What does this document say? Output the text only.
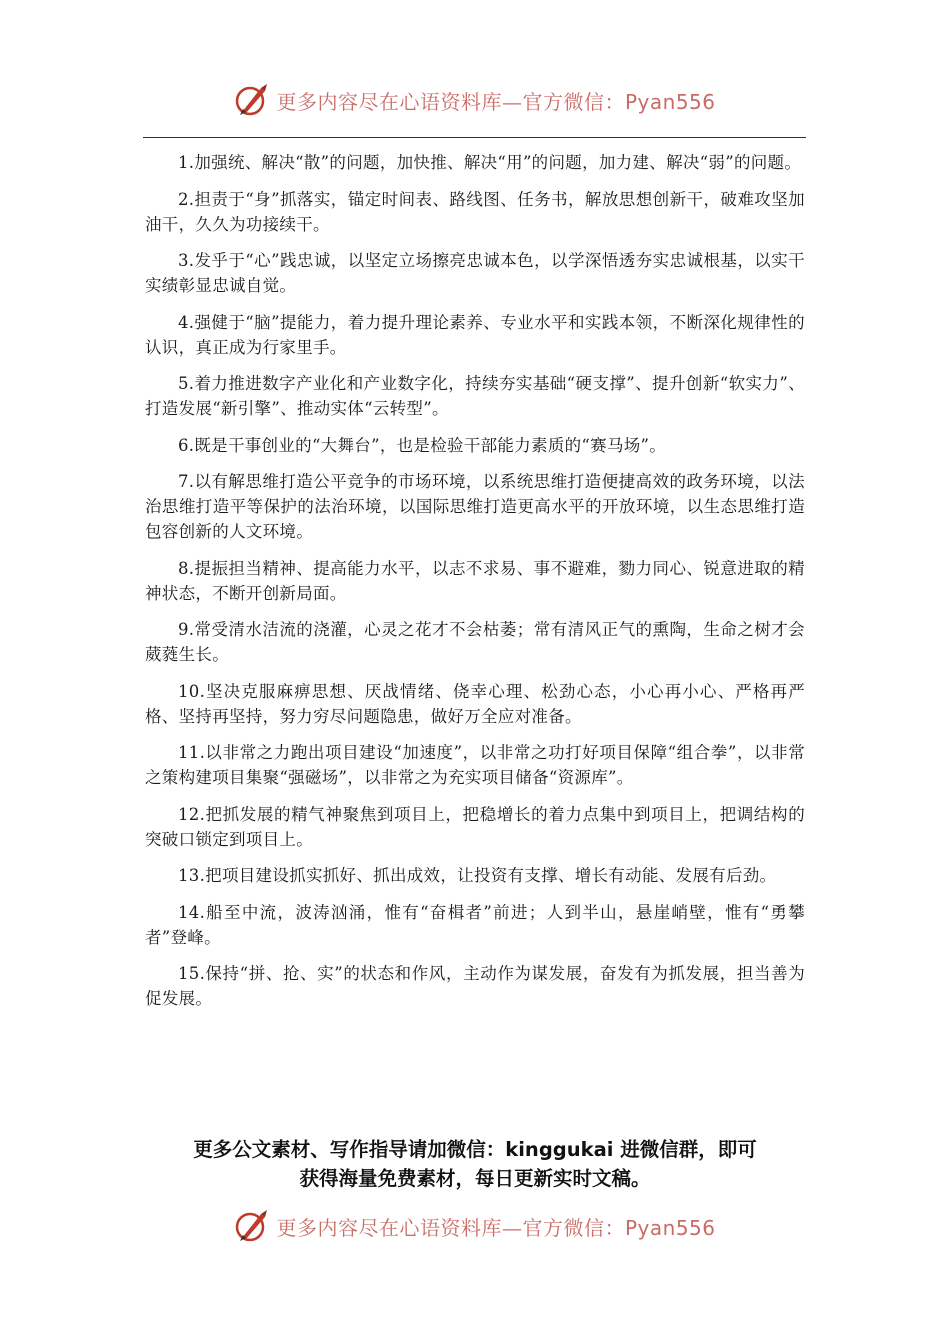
更多内容尽在心语资料库—官方微信：Pyan556

1.加强统、解决“散”的问题，加快推、解决“用”的问题，加力建、解决“弱”的问题。

2.担责于“身”抓落实，锚定时间表、路线图、任务书，解放思想创新干，破难攻坚加油干，久久为功接续干。

3.发乎于“心”践忠诚，以坚定立场擦亮忠诚本色，以学深悟透夯实忠诚根基，以实干实绩彰显忠诚自觉。

4.强健于“脑”提能力，着力提升理论素养、专业水平和实践本领，不断深化规律性的认识，真正成为行家里手。

5.着力推进数字产业化和产业数字化，持续夯实基础“硬支撑”、提升创新“软实力”、打造发展“新引擎”、推动实体“云转型”。

6.既是干事创业的“大舞台”，也是检验干部能力素质的“赛马场”。

7.以有解思维打造公平竞争的市场环境，以系统思维打造便捷高效的政务环境，以法治思维打造平等保护的法治环境，以国际思维打造更高水平的开放环境，以生态思维打造包容创新的人文环境。

8.提振担当精神、提高能力水平，以志不求易、事不避难，勠力同心、锐意进取的精神状态，不断开创新局面。

9.常受清水洁流的浇灌，心灵之花才不会枯萎；常有清风正气的熏陶，生命之树才会葳蕤生长。

10.坚决克服麻痹思想、厌战情绪、侥幸心理、松劲心态，小心再小心、严格再严格、坚持再坚持，努力穷尽问题隐患，做好万全应对准备。

11.以非常之力跑出项目建设“加速度”，以非常之功打好项目保障“组合拳”，以非常之策构建项目集聚“强磁场”，以非常之为充实项目储备“资源库”。

12.把抓发展的精气神聚焦到项目上，把稳增长的着力点集中到项目上，把调结构的突破口锁定到项目上。

13.把项目建设抓实抓好、抓出成效，让投资有支撑、增长有动能、发展有后劲。

14.船至中流，波涛汹涌，惟有“奋楫者”前进；人到半山，悬崖峭壁，惟有“勇攀者”登峰。

15.保持“拼、抢、实”的状态和作风，主动作为谋发展，奋发有为抓发展，担当善为促发展。

更多公文素材、写作指导请加微信：kinggukai 进微信群，即可
获得海量免费素材，每日更新实时文稿。
更多内容尽在心语资料库—官方微信：Pyan556
